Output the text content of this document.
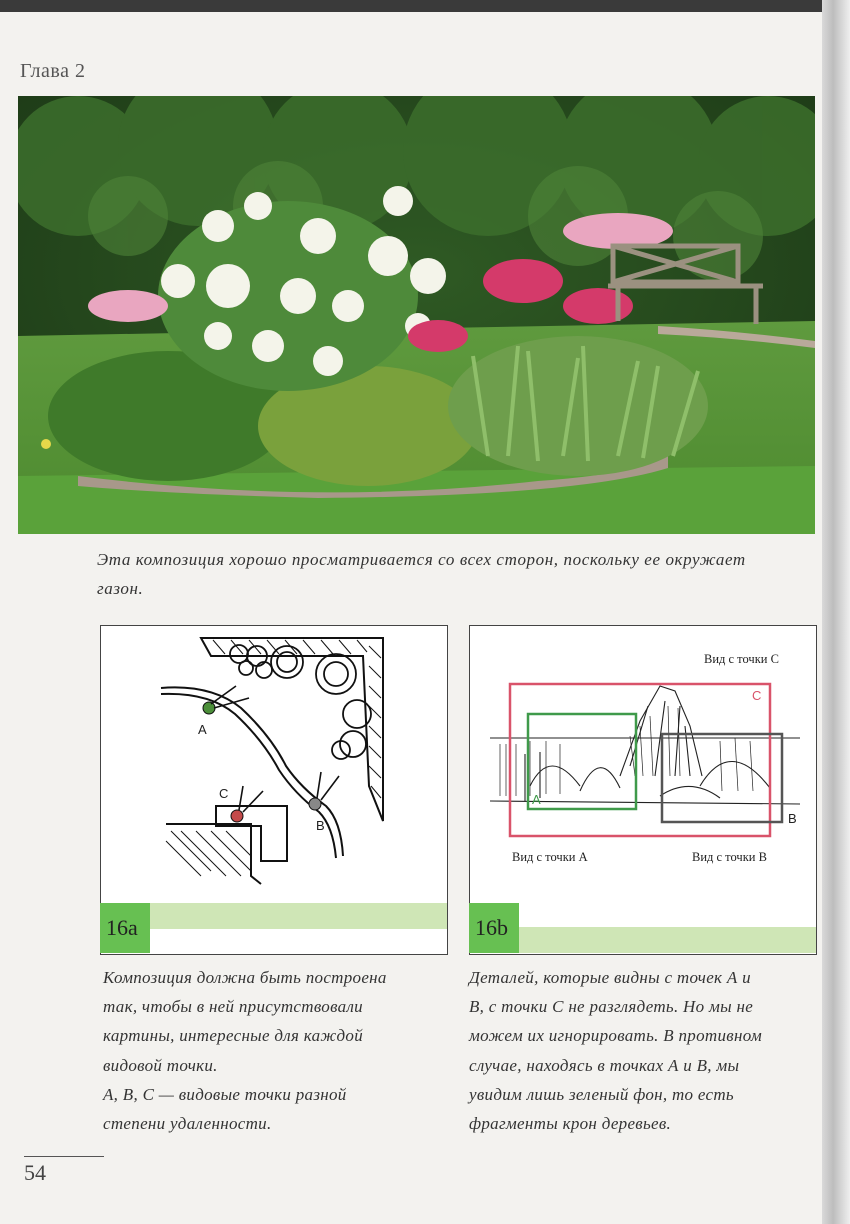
Глава 2
Эта композиция хорошо просматривается со всех сторон, поскольку ее окружает газон.
A
B
C
16a
Вид с точки С
Вид с точки А	Вид с точки В
C
A
B
16b
Композиция должна быть построена
так, чтобы в ней присутствовали
картины, интересные для каждой
видовой точки.
A, B, C — видовые точки разной
степени удаленности.
Деталей, которые видны с точек А и
В, с точки С не разглядеть. Но мы не
можем их игнорировать. В противном
случае, находясь в точках А и В, мы
увидим лишь зеленый фон, то есть
фрагменты крон деревьев.
54
